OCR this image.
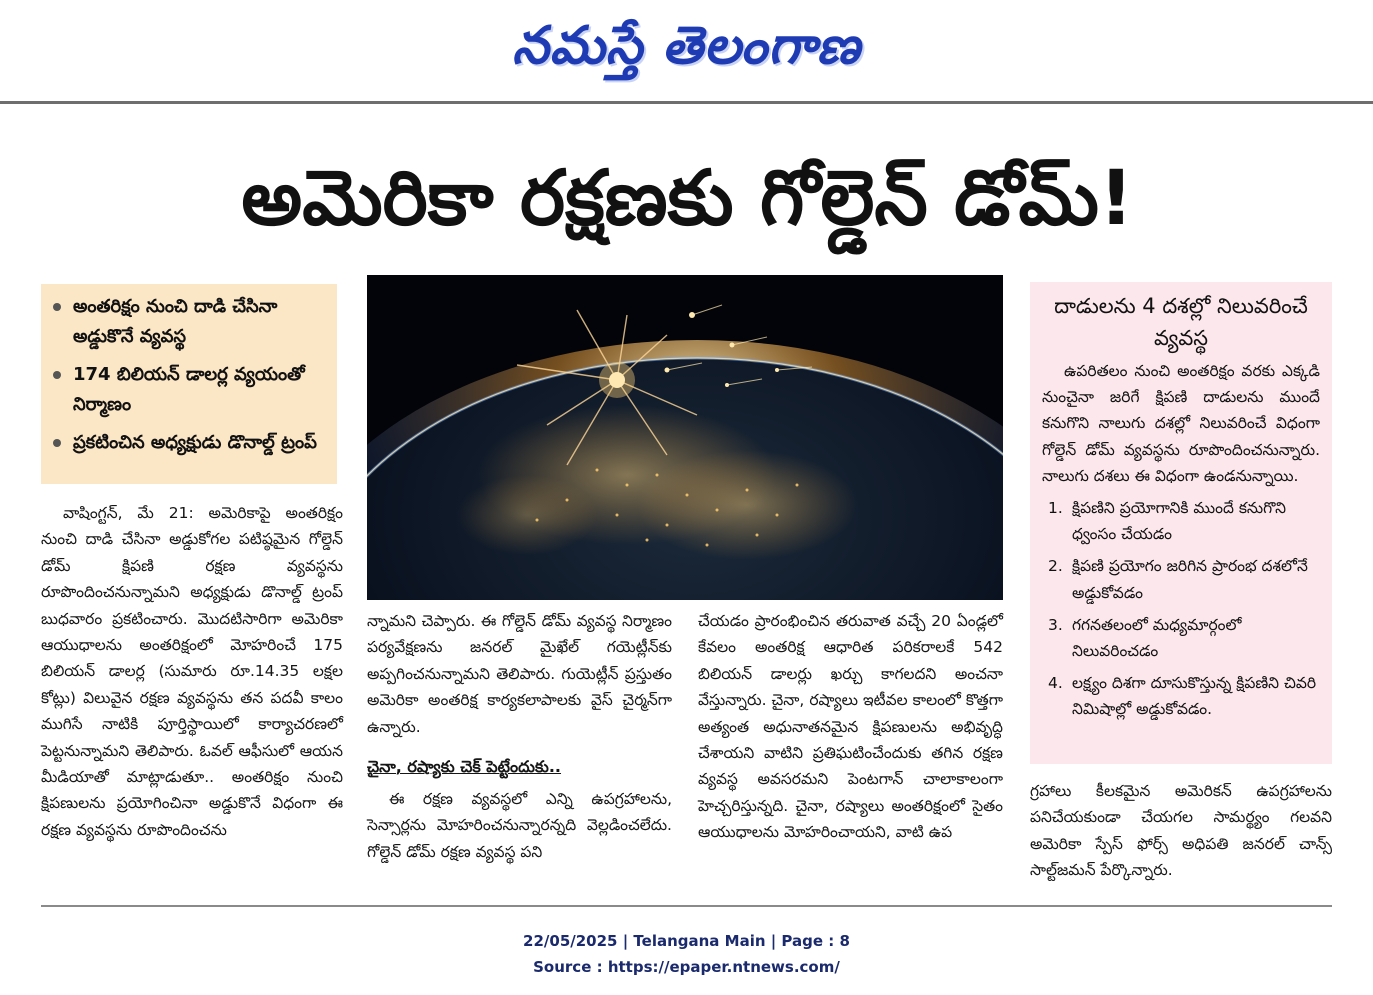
నమస్తే తెలంగాణ
అమెరికా రక్షణకు గోల్డెన్ డోమ్!
అంతరిక్షం నుంచి దాడి చేసినా అడ్డుకొనే వ్యవస్థ
174 బిలియన్ డాలర్ల వ్యయంతో నిర్మాణం
ప్రకటించిన అధ్యక్షుడు డొనాల్డ్ ట్రంప్

వాషింగ్టన్, మే 21: అమెరికాపై అంతరిక్షం నుంచి దాడి చేసినా అడ్డుకోగల పటిష్ఠమైన గోల్డెన్ డోమ్ క్షిపణి రక్షణ వ్యవస్థను రూపొందించనున్నామని అధ్యక్షుడు డొనాల్డ్ ట్రంప్ బుధవారం ప్రకటించారు. మొదటిసారిగా అమెరికా ఆయుధాలను అంతరిక్షంలో మోహరించే 175 బిలియన్ డాలర్ల (సుమారు రూ.14.35 లక్షల కోట్లు) విలువైన రక్షణ వ్యవస్థను తన పదవీ కాలం ముగిసే నాటికి పూర్తిస్థాయిలో కార్యాచరణలో పెట్టనున్నామని తెలిపారు. ఓవల్ ఆఫీసులో ఆయన మీడియాతో మాట్లాడుతూ.. అంతరిక్షం నుంచి క్షిపణులను ప్రయోగించినా అడ్డుకొనే విధంగా ఈ రక్షణ వ్యవస్థను రూపొందించను

న్నామని చెప్పారు. ఈ గోల్డెన్ డోమ్ వ్యవస్థ నిర్మాణం పర్యవేక్షణను జనరల్ మైఖేల్ గయెట్లీన్‌కు అప్పగించనున్నామని తెలిపారు. గుయెట్లీన్ ప్రస్తుతం అమెరికా అంతరిక్ష కార్యకలాపాలకు వైస్ చైర్మన్‌గా ఉన్నారు.

చైనా, రష్యాకు చెక్ పెట్టేందుకు..

ఈ రక్షణ వ్యవస్థలో ఎన్ని ఉపగ్రహాలను, సెన్సార్లను మోహరించనున్నారన్నది వెల్లడించలేదు. గోల్డెన్ డోమ్ రక్షణ వ్యవస్థ పని

చేయడం ప్రారంభించిన తరువాత వచ్చే 20 ఏండ్లలో కేవలం అంతరిక్ష ఆధారిత పరికరాలకే 542 బిలియన్ డాలర్లు ఖర్చు కాగలదని అంచనా వేస్తున్నారు. చైనా, రష్యాలు ఇటీవల కాలంలో కొత్తగా అత్యంత అధునాతనమైన క్షిపణులను అభివృద్ధి చేశాయని వాటిని ప్రతిఘటించేందుకు తగిన రక్షణ వ్యవస్థ అవసరమని పెంటగాన్ చాలాకాలంగా హెచ్చరిస్తున్నది. చైనా, రష్యాలు అంతరిక్షంలో సైతం ఆయుధాలను మోహరించాయని, వాటి ఉప

దాడులను 4 దశల్లో నిలువరించే వ్యవస్థ
ఉపరితలం నుంచి అంతరిక్షం వరకు ఎక్కడి నుంచైనా జరిగే క్షిపణి దాడులను ముందే కనుగొని నాలుగు దశల్లో నిలువరించే విధంగా గోల్డెన్ డోమ్ వ్యవస్థను రూపొందించనున్నారు. నాలుగు దశలు ఈ విధంగా ఉండనున్నాయి.
1. క్షిపణిని ప్రయోగానికి ముందే కనుగొని ధ్వంసం చేయడం
2. క్షిపణి ప్రయోగం జరిగిన ప్రారంభ దశలోనే అడ్డుకోవడం
3. గగనతలంలో మధ్యమార్గంలో నిలువరించడం
4. లక్ష్యం దిశగా దూసుకొస్తున్న క్షిపణిని చివరి నిమిషాల్లో అడ్డుకోవడం.

గ్రహాలు కీలకమైన అమెరికన్ ఉపగ్రహాలను పనిచేయకుండా చేయగల సామర్థ్యం గలవని అమెరికా స్పేస్ ఫోర్స్ అధిపతి జనరల్ చాన్స్ సాల్ట్‌జమన్ పేర్కొన్నారు.

22/05/2025 | Telangana Main | Page : 8
Source : https://epaper.ntnews.com/
